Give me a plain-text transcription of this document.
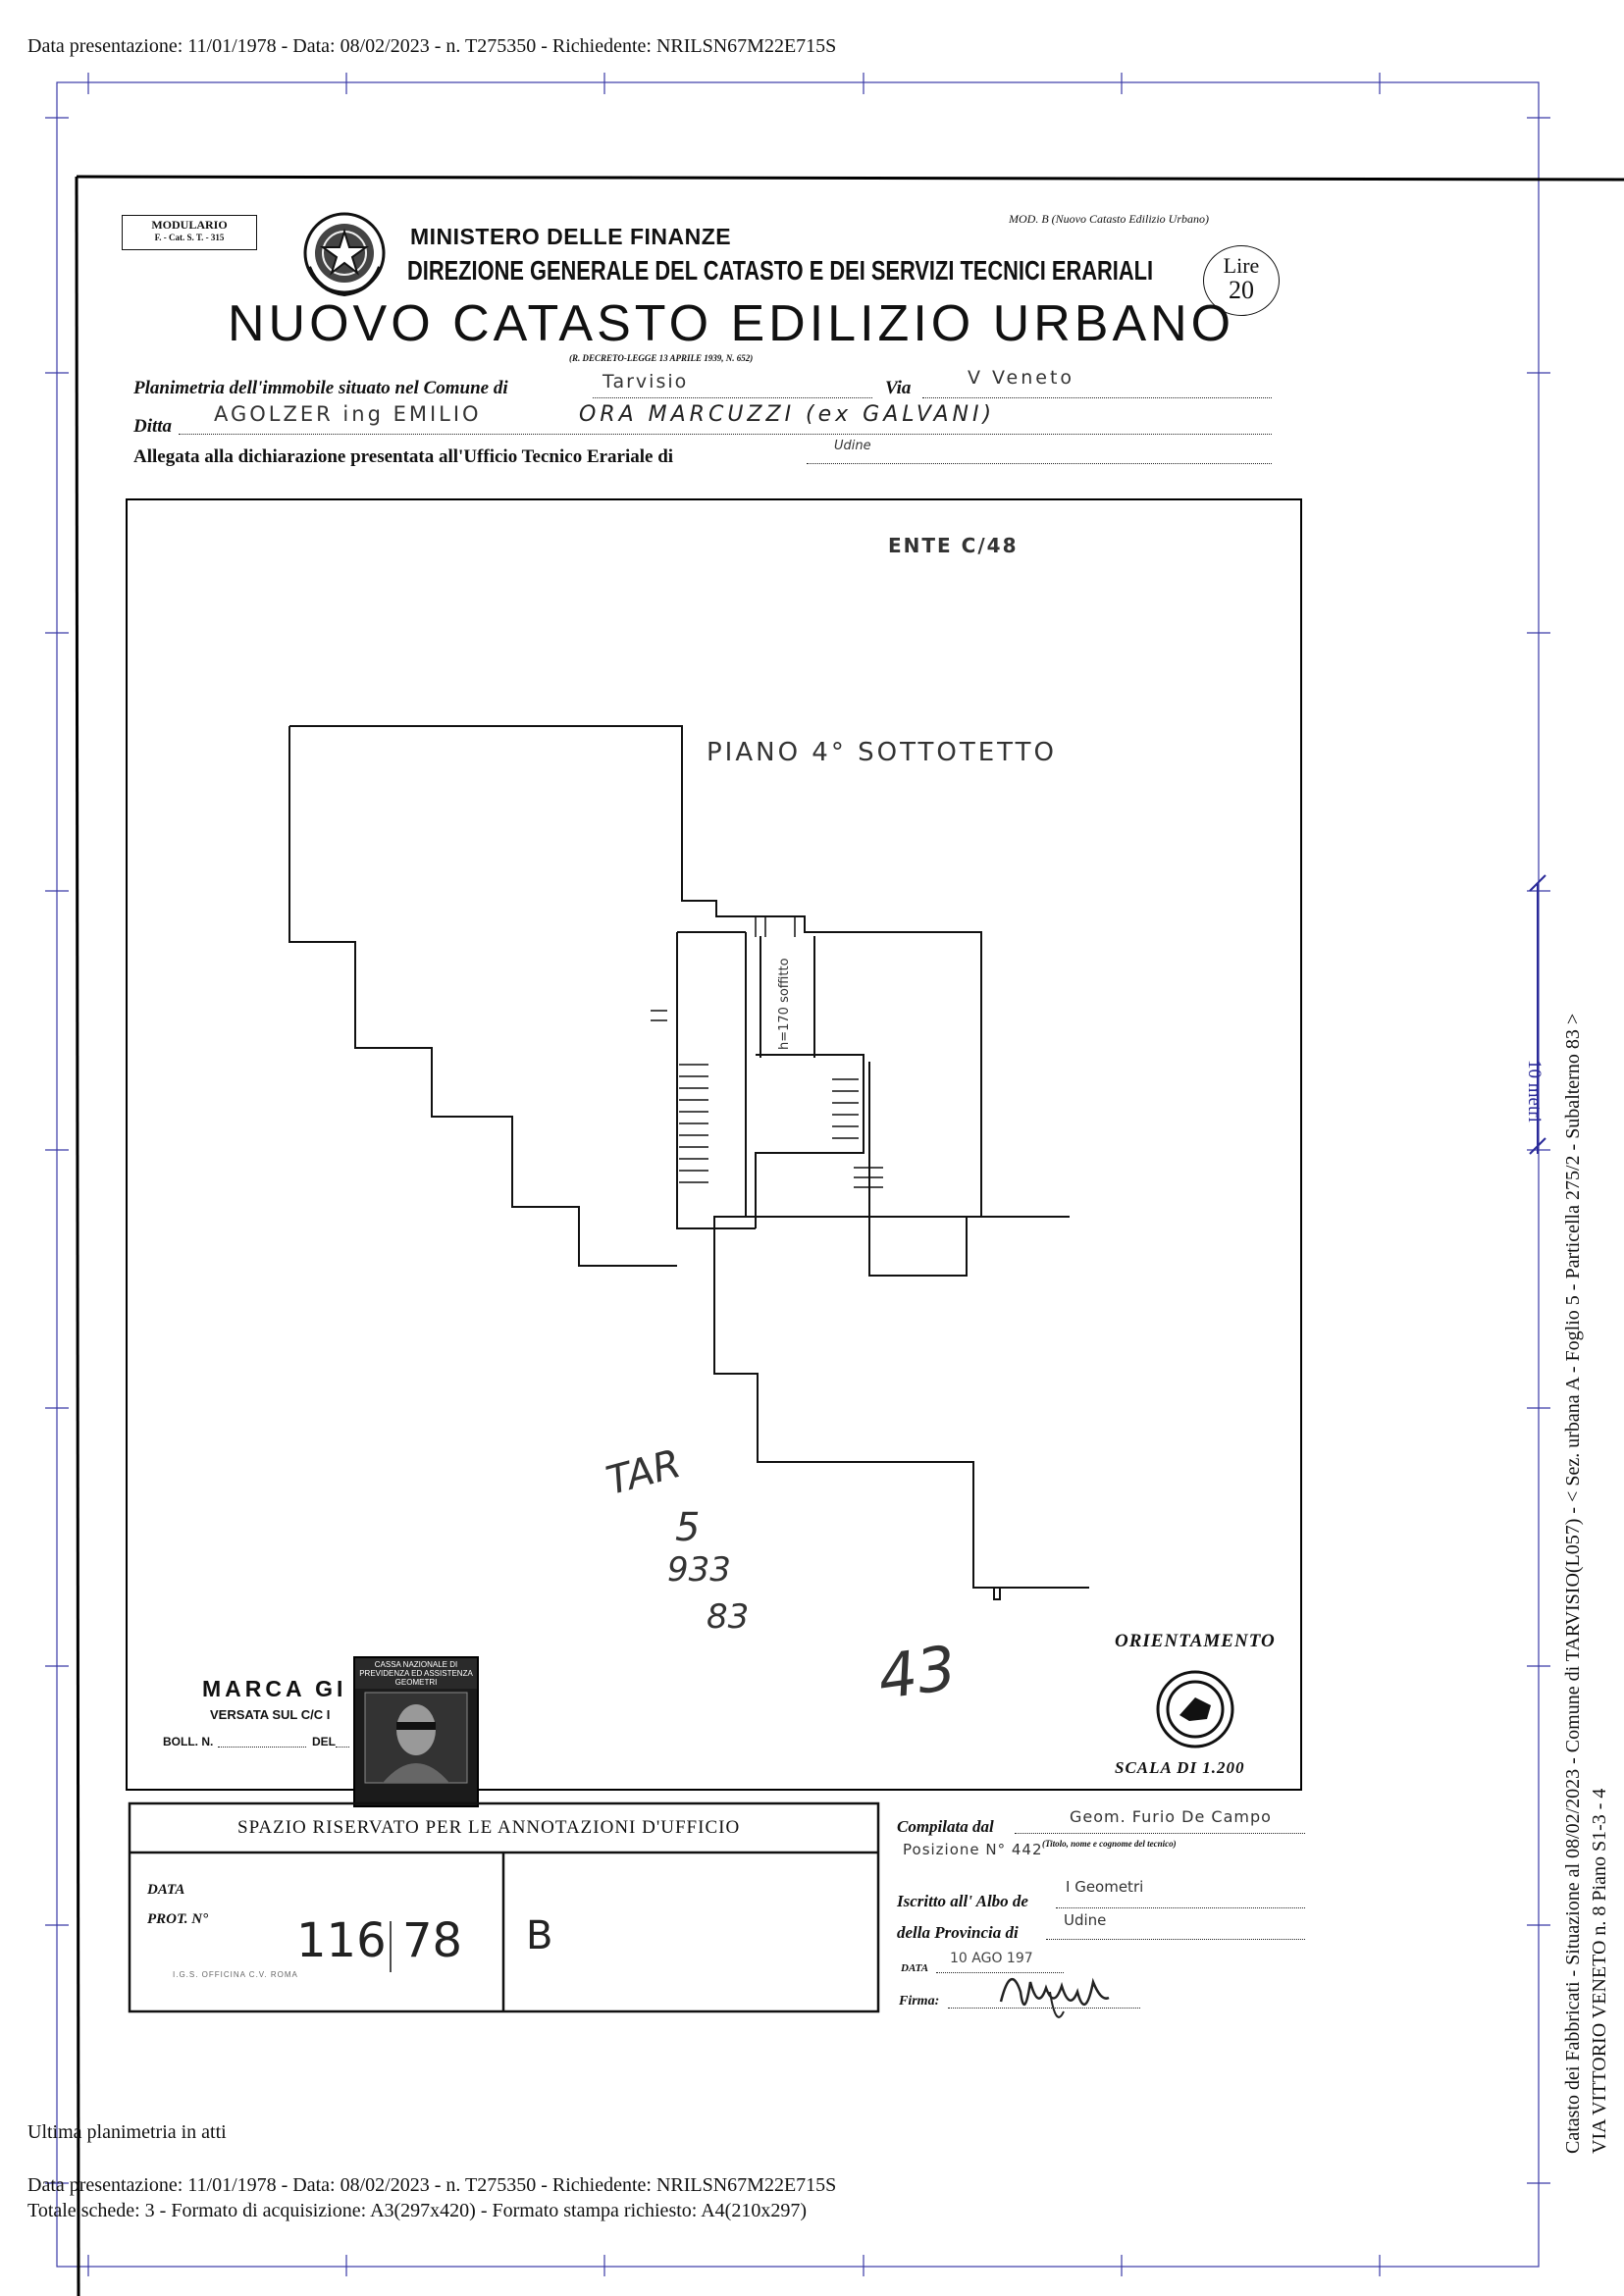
Data presentazione: 11/01/1978 - Data: 08/02/2023 - n. T275350 - Richiedente: NRILSN67M22E715S
10 metri Catasto dei Fabbricati - Situazione al 08/02/2023 - Comune di TARVISIO(L057) - < Sez. urbana A - Foglio 5 - Particella 275/2 - Subalterno 83 > VIA VITTORIO VENETO n. 8 Piano S1-3 - 4
MODULARIO
F. - Cat. S. T. - 315	MINISTERO DELLE FINANZE
DIREZIONE GENERALE DEL CATASTO E DEI SERVIZI TECNICI ERARIALI
NUOVO CATASTO EDILIZIO URBANO
(R. DECRETO-LEGGE 13 APRILE 1939, N. 652)
MOD. B (Nuovo Catasto Edilizio Urbano)
Lire
20
Planimetria dell'immobile situato nel Comune di	Tarvisio	Via	V Veneto
Ditta
AGOLZER ing EMILIO	ORA MARCUZZI (ex GALVANI)
Allegata alla dichiarazione presentata all'Ufficio Tecnico Erariale di
Udine
ENTE C/48
PIANO 4° SOTTOTETTO
h=170 soffitto
TAR
5
933
83
43	ORIENTAMENTO
SCALA DI 1.200
MARCA GI
VERSATA SUL C/C I
BOLL. N.	DEL
CASSA NAZIONALE DI PREVIDENZA ED ASSISTENZA GEOMETRI
SPAZIO RISERVATO PER LE ANNOTAZIONI D'UFFICIO
DATA
PROT. N° 116 78 B
I.G.S. OFFICINA C.V. ROMA
Compilata dal
Geom. Furio De Campo
Posizione N° 442 (Titolo, nome e cognome del tecnico)
Iscritto all' Albo de
I Geometri
della Provincia di
Udine
DATA
10 AGO 197
Firma:
Ultima planimetria in atti
Data presentazione: 11/01/1978 - Data: 08/02/2023 - n. T275350 - Richiedente: NRILSN67M22E715S
Totale schede: 3 - Formato di acquisizione: A3(297x420) - Formato stampa richiesto: A4(210x297)
